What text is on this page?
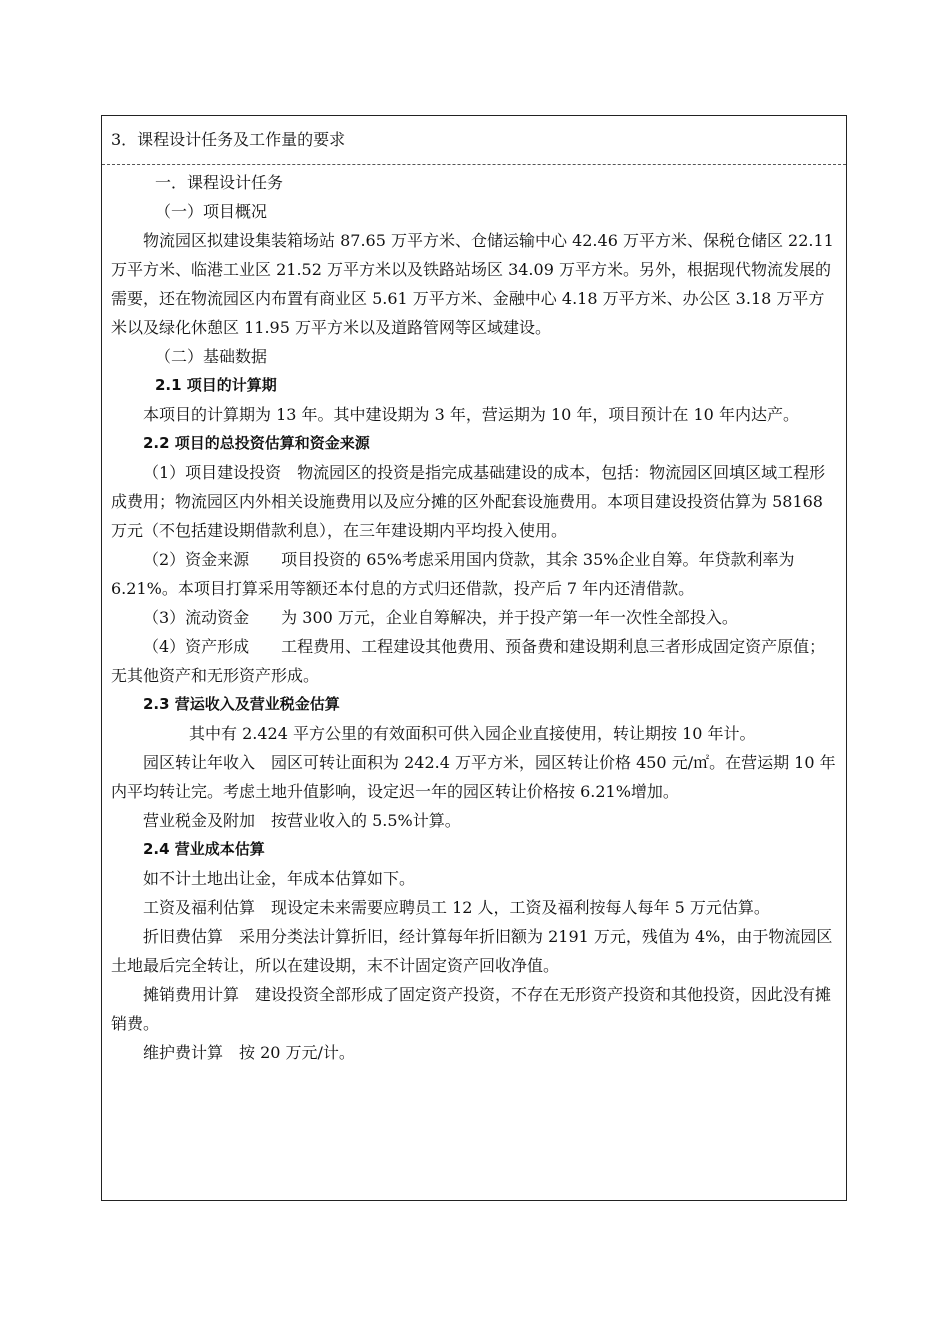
3．课程设计任务及工作量的要求

一．课程设计任务

（一）项目概况

物流园区拟建设集装箱场站 87.65 万平方米、仓储运输中心 42.46 万平方米、保税仓储区 22.11 万平方米、临港工业区 21.52 万平方米以及铁路站场区 34.09 万平方米。另外，根据现代物流发展的需要，还在物流园区内布置有商业区 5.61 万平方米、金融中心 4.18 万平方米、办公区 3.18 万平方米以及绿化休憩区 11.95 万平方米以及道路管网等区域建设。

（二）基础数据

2.1 项目的计算期

本项目的计算期为 13 年。其中建设期为 3 年，营运期为 10 年，项目预计在 10 年内达产。

2.2 项目的总投资估算和资金来源

（1）项目建设投资　物流园区的投资是指完成基础建设的成本，包括：物流园区回填区域工程形成费用；物流园区内外相关设施费用以及应分摊的区外配套设施费用。本项目建设投资估算为 58168 万元（不包括建设期借款利息），在三年建设期内平均投入使用。

（2）资金来源　　项目投资的 65%考虑采用国内贷款，其余 35%企业自筹。年贷款利率为 6.21%。本项目打算采用等额还本付息的方式归还借款，投产后 7 年内还清借款。

（3）流动资金　　为 300 万元，企业自筹解决，并于投产第一年一次性全部投入。

（4）资产形成　　工程费用、工程建设其他费用、预备费和建设期利息三者形成固定资产原值；无其他资产和无形资产形成。

2.3 营运收入及营业税金估算

其中有 2.424 平方公里的有效面积可供入园企业直接使用，转让期按 10 年计。

园区转让年收入　园区可转让面积为 242.4 万平方米，园区转让价格 450 元/㎡。在营运期 10 年内平均转让完。考虑土地升值影响，设定迟一年的园区转让价格按 6.21%增加。

营业税金及附加　按营业收入的 5.5%计算。

2.4 营业成本估算

如不计土地出让金，年成本估算如下。

工资及福利估算　现设定未来需要应聘员工 12 人，工资及福利按每人每年 5 万元估算。

折旧费估算　采用分类法计算折旧，经计算每年折旧额为 2191 万元，残值为 4%，由于物流园区土地最后完全转让，所以在建设期，末不计固定资产回收净值。

摊销费用计算　建设投资全部形成了固定资产投资，不存在无形资产投资和其他投资，因此没有摊销费。

维护费计算　按 20 万元/计。
